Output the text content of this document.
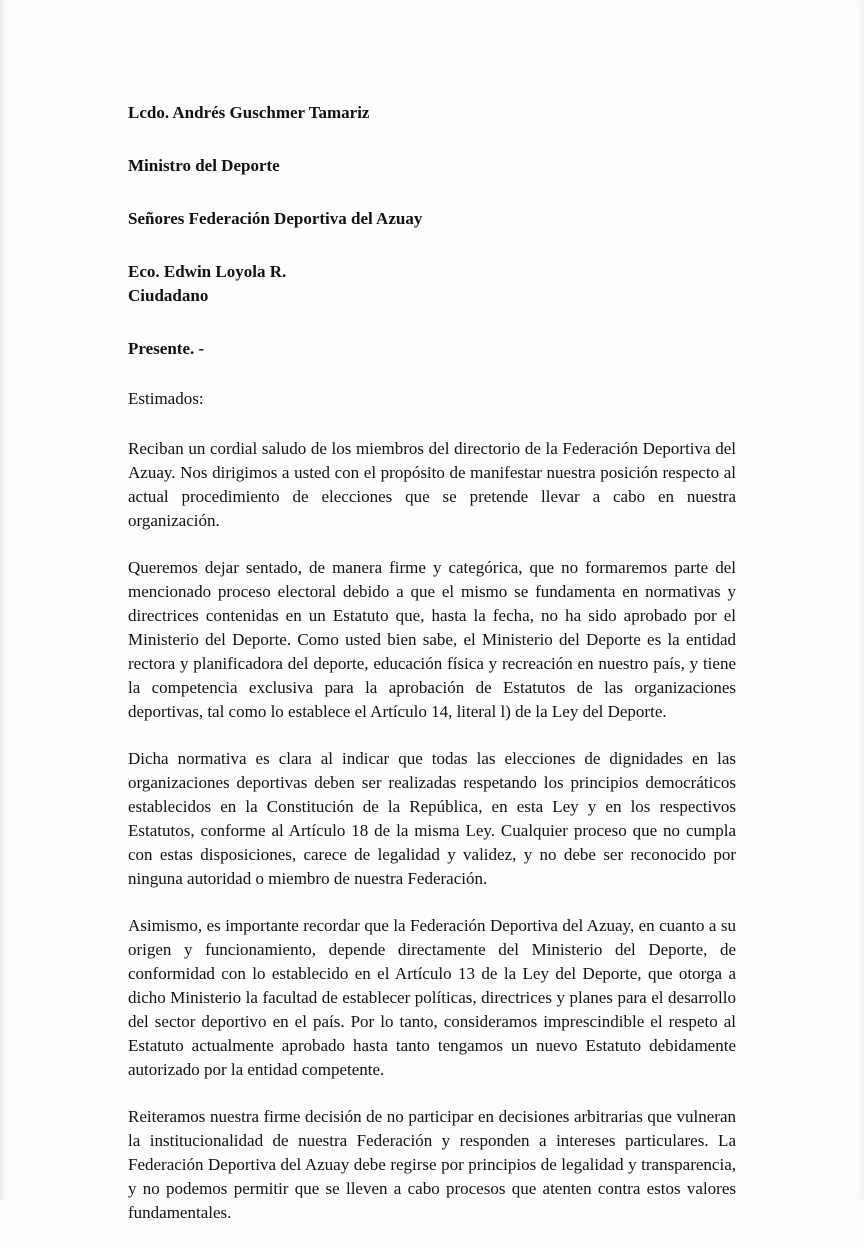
Lcdo. Andrés Guschmer Tamariz

Ministro del Deporte

Señores Federación Deportiva del Azuay

Eco. Edwin Loyola R.

Ciudadano

Presente. -

Estimados:

Reciban un cordial saludo de los miembros del directorio de la Federación Deportiva del Azuay. Nos dirigimos a usted con el propósito de manifestar nuestra posición respecto al actual procedimiento de elecciones que se pretende llevar a cabo en nuestra organización.

Queremos dejar sentado, de manera firme y categórica, que no formaremos parte del mencionado proceso electoral debido a que el mismo se fundamenta en normativas y directrices contenidas en un Estatuto que, hasta la fecha, no ha sido aprobado por el Ministerio del Deporte. Como usted bien sabe, el Ministerio del Deporte es la entidad rectora y planificadora del deporte, educación física y recreación en nuestro país, y tiene la competencia exclusiva para la aprobación de Estatutos de las organizaciones deportivas, tal como lo establece el Artículo 14, literal l) de la Ley del Deporte.

Dicha normativa es clara al indicar que todas las elecciones de dignidades en las organizaciones deportivas deben ser realizadas respetando los principios democráticos establecidos en la Constitución de la República, en esta Ley y en los respectivos Estatutos, conforme al Artículo 18 de la misma Ley. Cualquier proceso que no cumpla con estas disposiciones, carece de legalidad y validez, y no debe ser reconocido por ninguna autoridad o miembro de nuestra Federación.

Asimismo, es importante recordar que la Federación Deportiva del Azuay, en cuanto a su origen y funcionamiento, depende directamente del Ministerio del Deporte, de conformidad con lo establecido en el Artículo 13 de la Ley del Deporte, que otorga a dicho Ministerio la facultad de establecer políticas, directrices y planes para el desarrollo del sector deportivo en el país. Por lo tanto, consideramos imprescindible el respeto al Estatuto actualmente aprobado hasta tanto tengamos un nuevo Estatuto debidamente autorizado por la entidad competente.

Reiteramos nuestra firme decisión de no participar en decisiones arbitrarias que vulneran la institucionalidad de nuestra Federación y responden a intereses particulares. La Federación Deportiva del Azuay debe regirse por principios de legalidad y transparencia, y no podemos permitir que se lleven a cabo procesos que atenten contra estos valores fundamentales.
